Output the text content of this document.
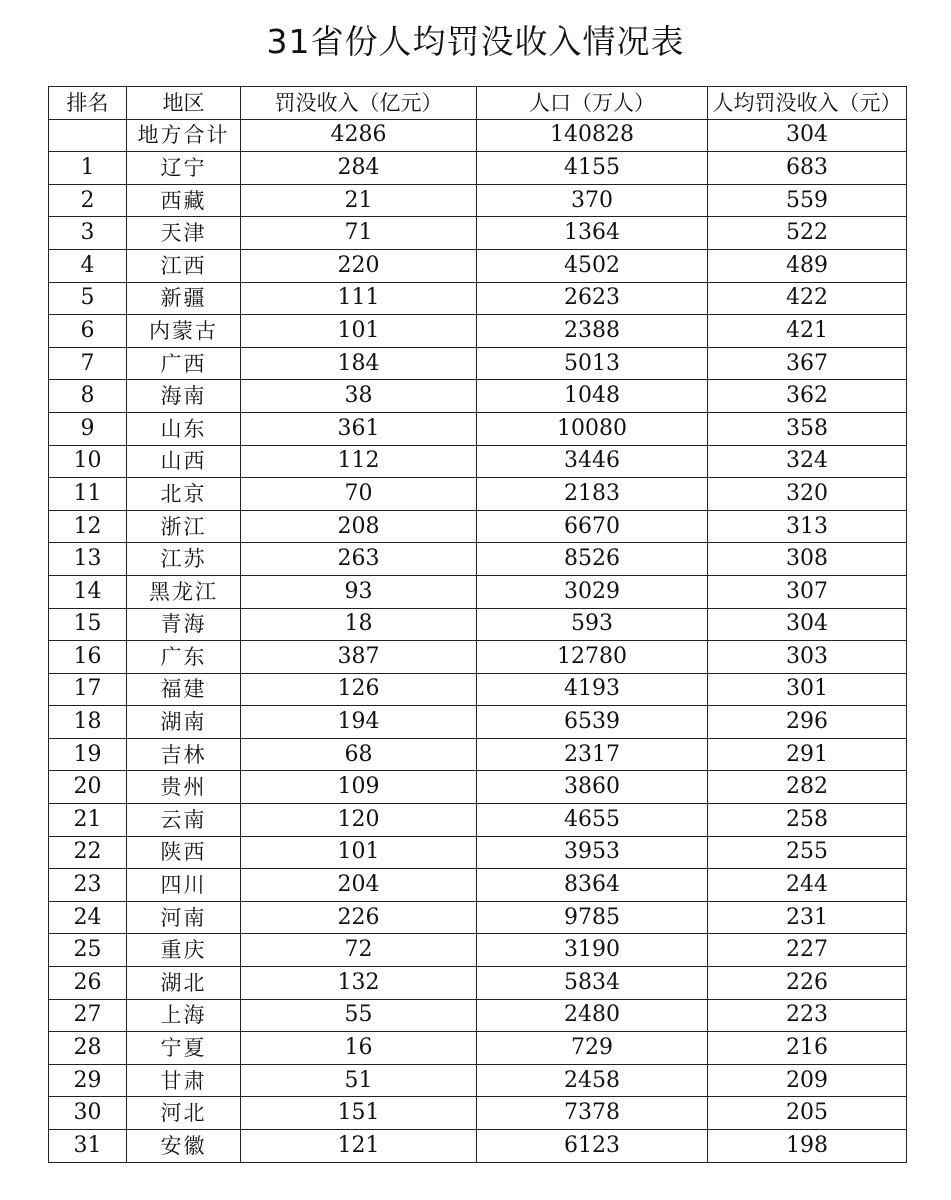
31省份人均罚没收入情况表
排名	地区	罚没收入（亿元）	人口（万人）	人均罚没收入（元）
	地方合计	4286	140828	304
1	辽宁	284	4155	683
2	西藏	21	370	559
3	天津	71	1364	522
4	江西	220	4502	489
5	新疆	111	2623	422
6	内蒙古	101	2388	421
7	广西	184	5013	367
8	海南	38	1048	362
9	山东	361	10080	358
10	山西	112	3446	324
11	北京	70	2183	320
12	浙江	208	6670	313
13	江苏	263	8526	308
14	黑龙江	93	3029	307
15	青海	18	593	304
16	广东	387	12780	303
17	福建	126	4193	301
18	湖南	194	6539	296
19	吉林	68	2317	291
20	贵州	109	3860	282
21	云南	120	4655	258
22	陕西	101	3953	255
23	四川	204	8364	244
24	河南	226	9785	231
25	重庆	72	3190	227
26	湖北	132	5834	226
27	上海	55	2480	223
28	宁夏	16	729	216
29	甘肃	51	2458	209
30	河北	151	7378	205
31	安徽	121	6123	198
